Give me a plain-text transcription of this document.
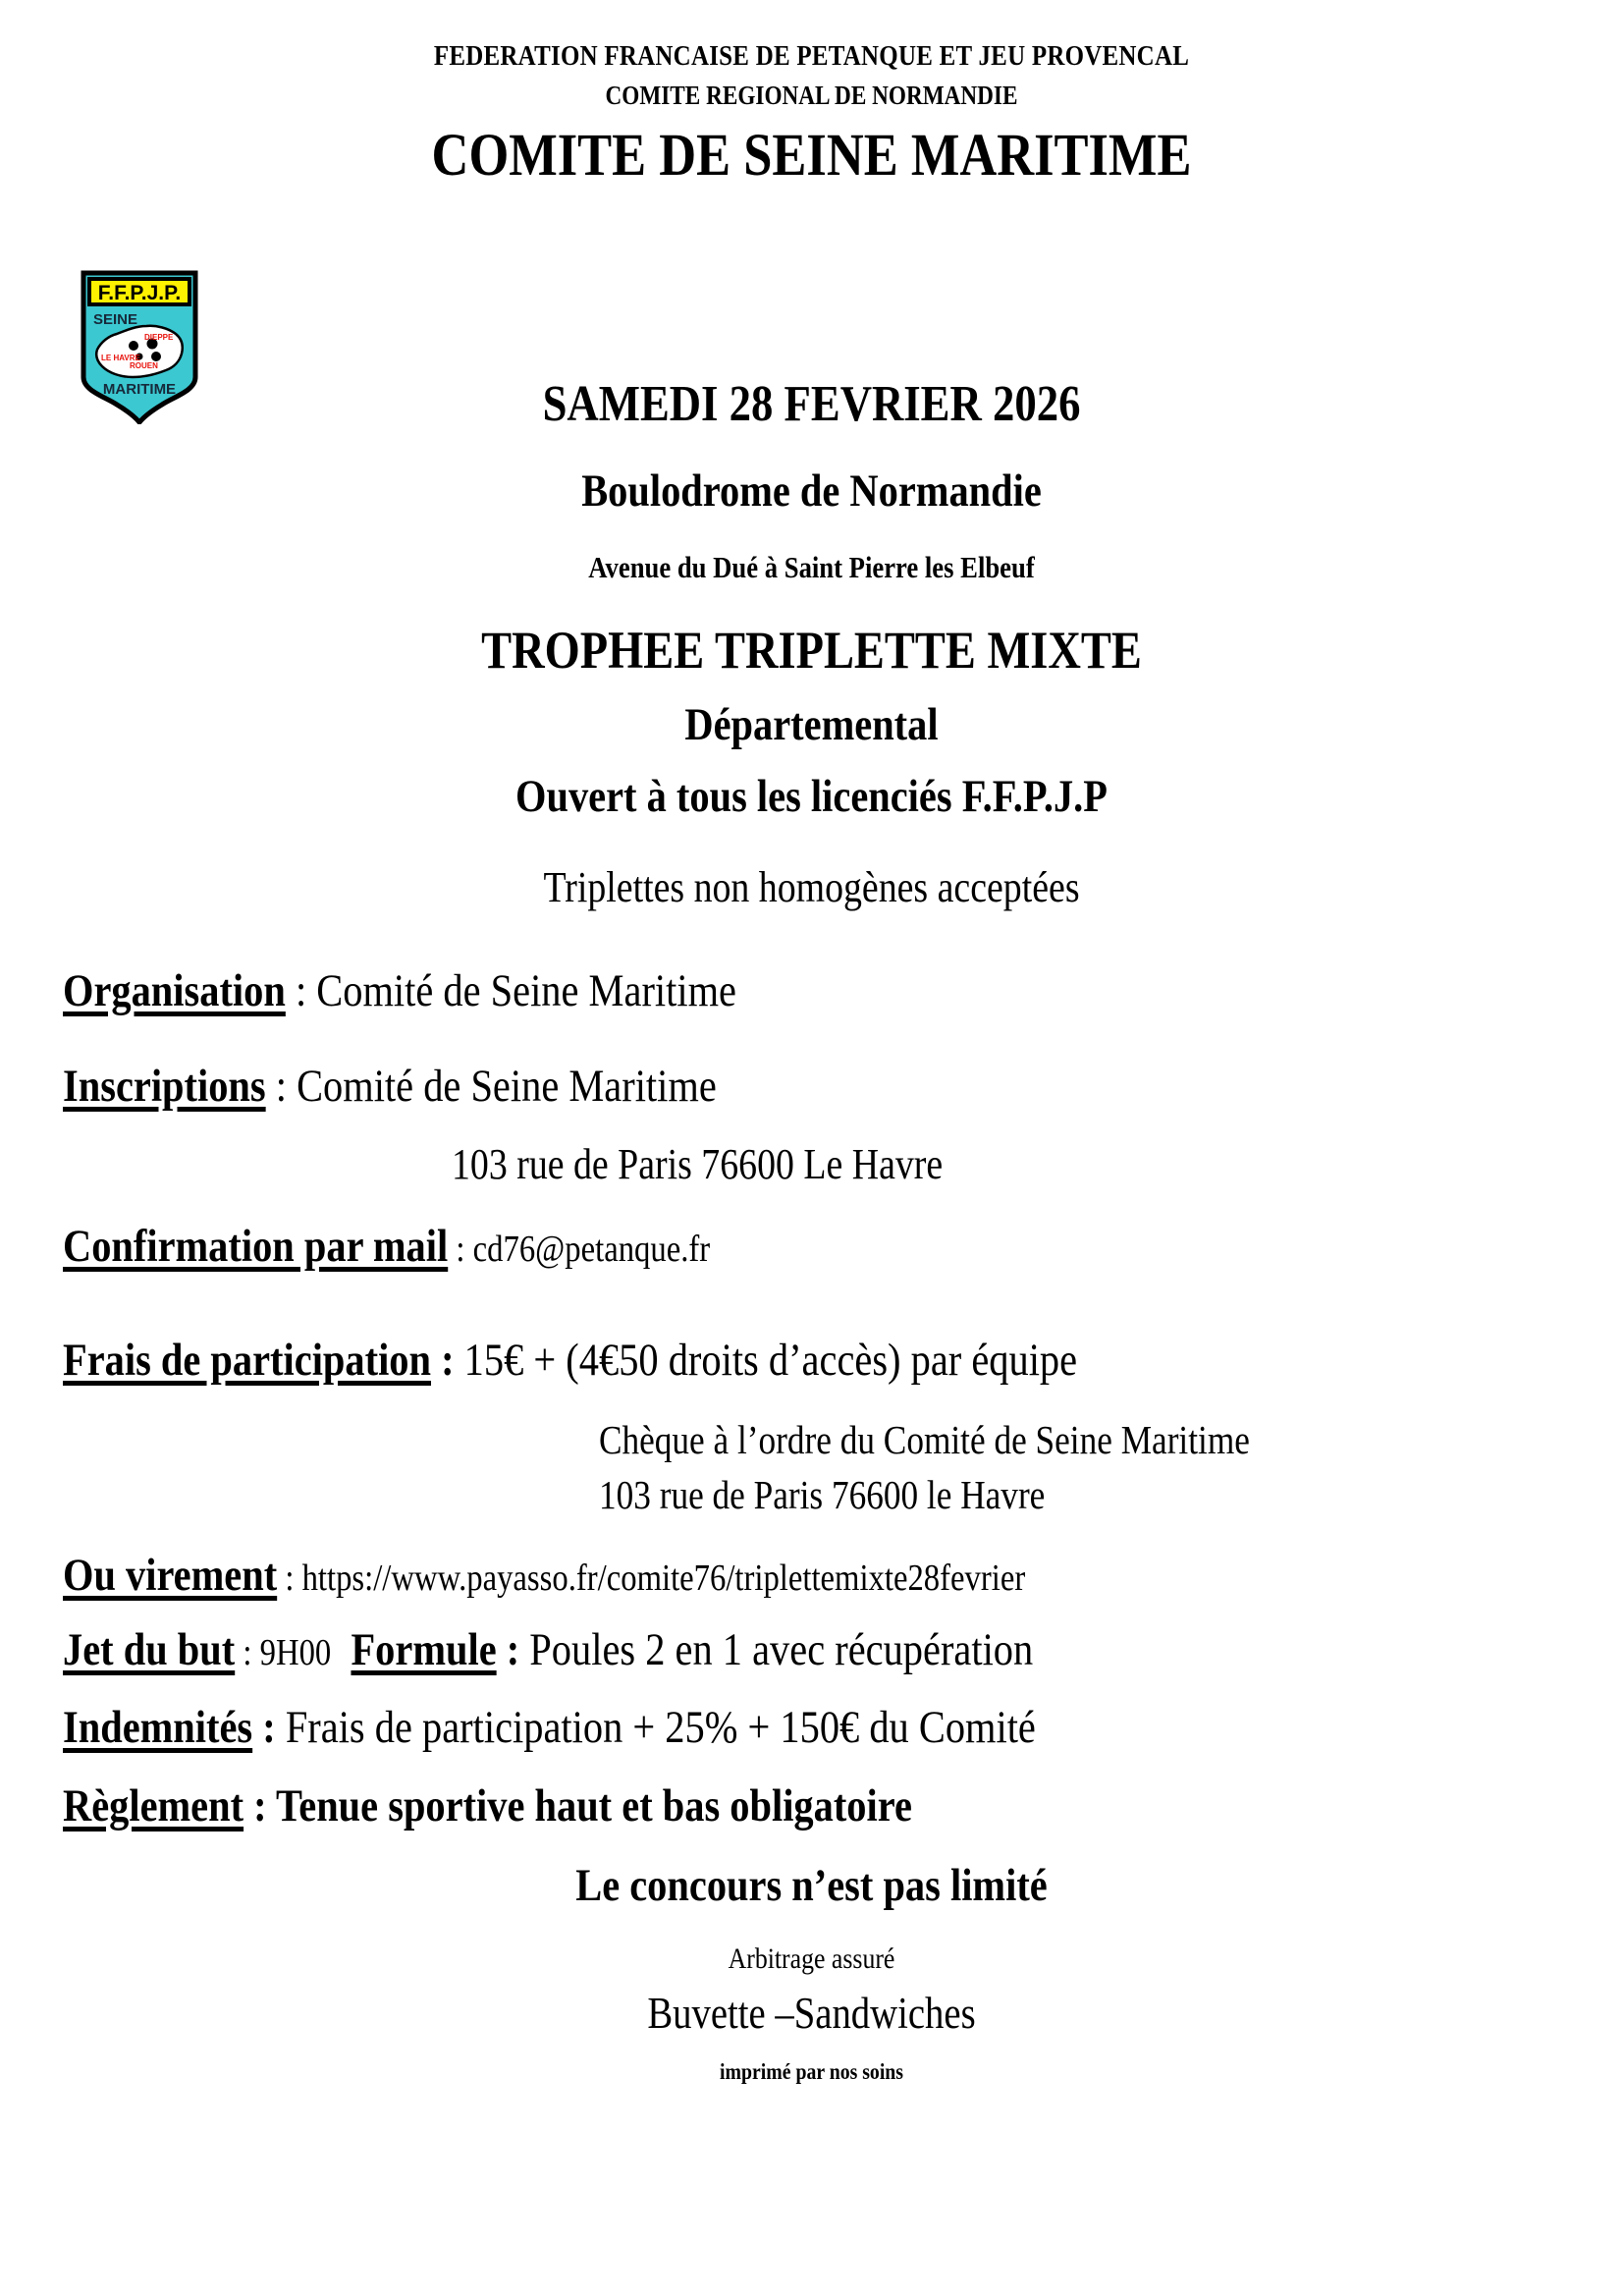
FEDERATION FRANCAISE DE PETANQUE ET JEU PROVENCAL
COMITE REGIONAL DE NORMANDIE
COMITE DE SEINE MARITIME
F.F.P.J.P.
SEINE
DIEPPE
LE HAVRE
ROUEN
MARITIME	SAMEDI 28 FEVRIER 2026
Boulodrome de Normandie
Avenue du Dué à Saint Pierre les Elbeuf
TROPHEE TRIPLETTE MIXTE
Départemental
Ouvert à tous les licenciés F.F.P.J.P
Triplettes non homogènes acceptées
Organisation : Comité de Seine Maritime
Inscriptions : Comité de Seine Maritime
103 rue de Paris 76600 Le Havre
Confirmation par mail : cd76@petanque.fr
Frais de participation : 15€ + (4€50 droits d’accès) par équipe
Chèque à l’ordre du Comité de Seine Maritime
103 rue de Paris 76600 le Havre
Ou virement : https://www.payasso.fr/comite76/triplettemixte28fevrier
Jet du but : 9H00 Formule : Poules 2 en 1 avec récupération
Indemnités : Frais de participation + 25% + 150€ du Comité
Règlement : Tenue sportive haut et bas obligatoire
Le concours n’est pas limité
Arbitrage assuré
Buvette –Sandwiches
imprimé par nos soins
